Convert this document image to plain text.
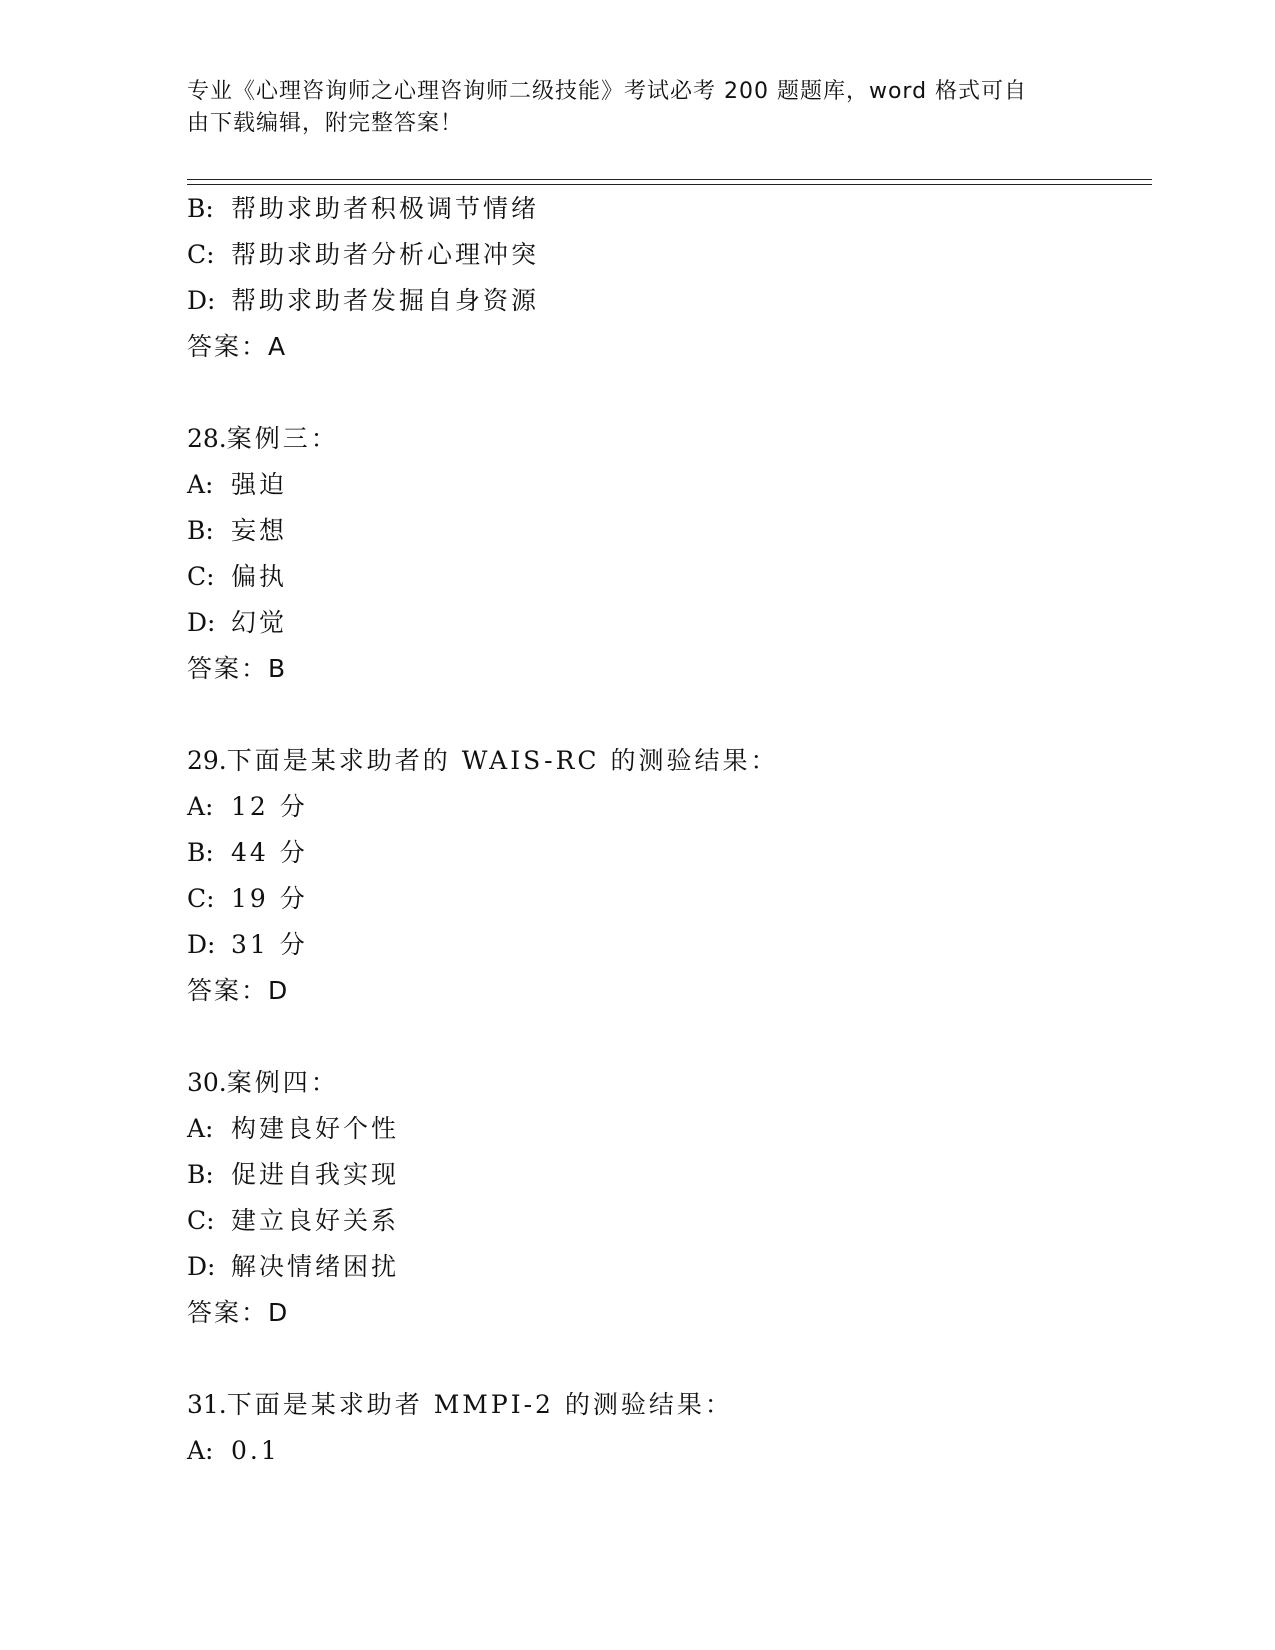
专业《心理咨询师之心理咨询师二级技能》考试必考 200 题题库，word 格式可自
由下载编辑，附完整答案！
B: 帮助求助者积极调节情绪
C: 帮助求助者分析心理冲突
D: 帮助求助者发掘自身资源
答案：A
28.案例三：
A: 强迫
B: 妄想
C: 偏执
D: 幻觉
答案：B
29.下面是某求助者的 WAIS-RC 的测验结果：
A: 12 分
B: 44 分
C: 19 分
D: 31 分
答案：D
30.案例四：
A: 构建良好个性
B: 促进自我实现
C: 建立良好关系
D: 解决情绪困扰
答案：D
31.下面是某求助者 MMPI-2 的测验结果：
A: 0.1
